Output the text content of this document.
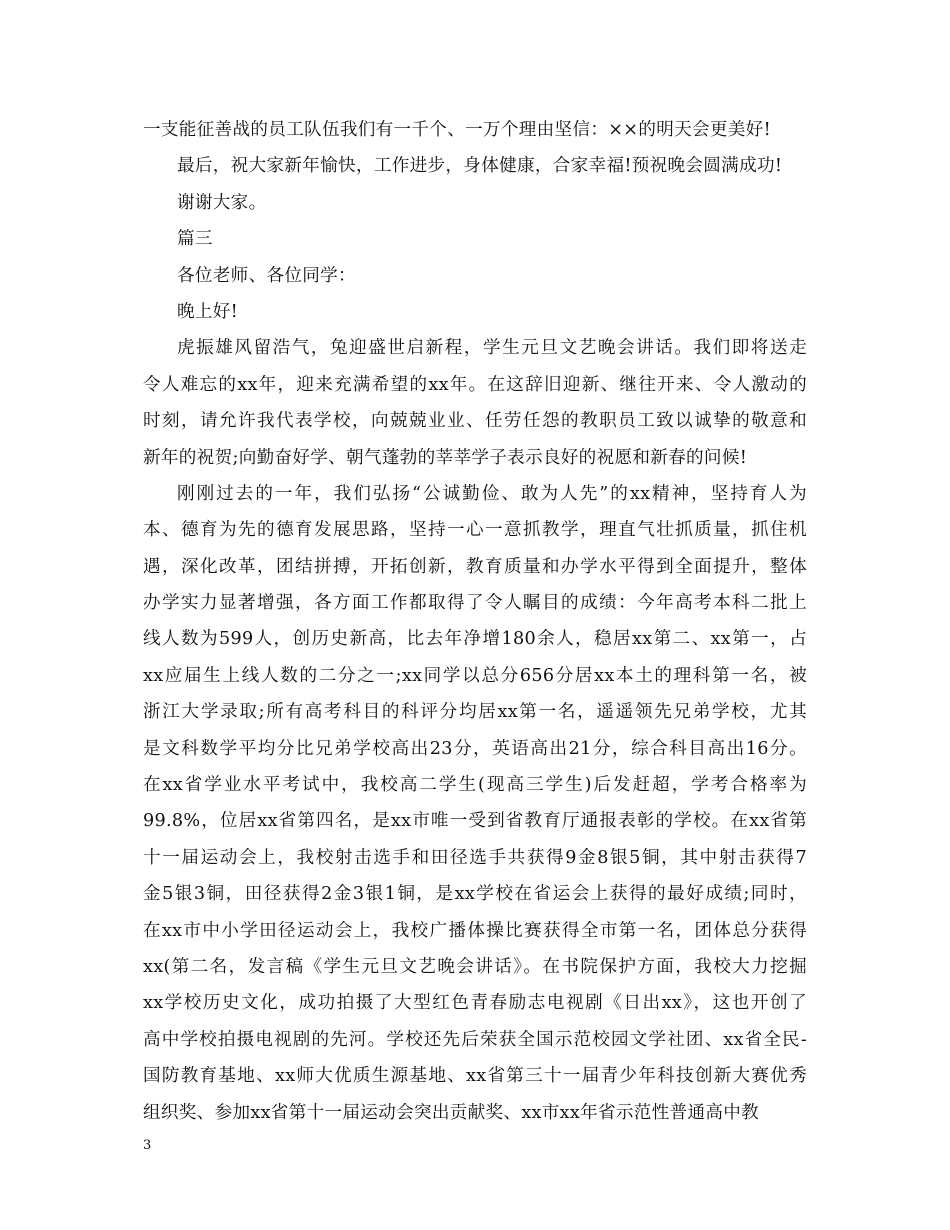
一支能征善战的员工队伍我们有一千个、一万个理由坚信：××的明天会更美好!
最后，祝大家新年愉快，工作进步，身体健康，合家幸福!预祝晚会圆满成功!
谢谢大家。
篇三
各位老师、各位同学：
晚上好!
虎振雄风留浩气，兔迎盛世启新程，学生元旦文艺晚会讲话。我们即将送走
令人难忘的xx年，迎来充满希望的xx年。在这辞旧迎新、继往开来、令人激动的
时刻，请允许我代表学校，向兢兢业业、任劳任怨的教职员工致以诚挚的敬意和
新年的祝贺;向勤奋好学、朝气蓬勃的莘莘学子表示良好的祝愿和新春的问候!
刚刚过去的一年，我们弘扬“公诚勤俭、敢为人先”的xx精神，坚持育人为
本、德育为先的德育发展思路，坚持一心一意抓教学，理直气壮抓质量，抓住机
遇，深化改革，团结拼搏，开拓创新，教育质量和办学水平得到全面提升，整体
办学实力显著增强，各方面工作都取得了令人瞩目的成绩：今年高考本科二批上
线人数为599人，创历史新高，比去年净增180余人，稳居xx第二、xx第一，占
xx应届生上线人数的二分之一;xx同学以总分656分居xx本土的理科第一名，被
浙江大学录取;所有高考科目的科评分均居xx第一名，遥遥领先兄弟学校，尤其
是文科数学平均分比兄弟学校高出23分，英语高出21分，综合科目高出16分。
在xx省学业水平考试中，我校高二学生(现高三学生)后发赶超，学考合格率为
99.8%，位居xx省第四名，是xx市唯一受到省教育厅通报表彰的学校。在xx省第
十一届运动会上，我校射击选手和田径选手共获得9金8银5铜，其中射击获得7
金5银3铜，田径获得2金3银1铜，是xx学校在省运会上获得的最好成绩;同时，
在xx市中小学田径运动会上，我校广播体操比赛获得全市第一名，团体总分获得
xx(第二名，发言稿《学生元旦文艺晚会讲话》。在书院保护方面，我校大力挖掘
xx学校历史文化，成功拍摄了大型红色青春励志电视剧《日出xx》，这也开创了
高中学校拍摄电视剧的先河。学校还先后荣获全国示范校园文学社团、xx省全民-
国防教育基地、xx师大优质生源基地、xx省第三十一届青少年科技创新大赛优秀
组织奖、参加xx省第十一届运动会突出贡献奖、xx市xx年省示范性普通高中教
3
